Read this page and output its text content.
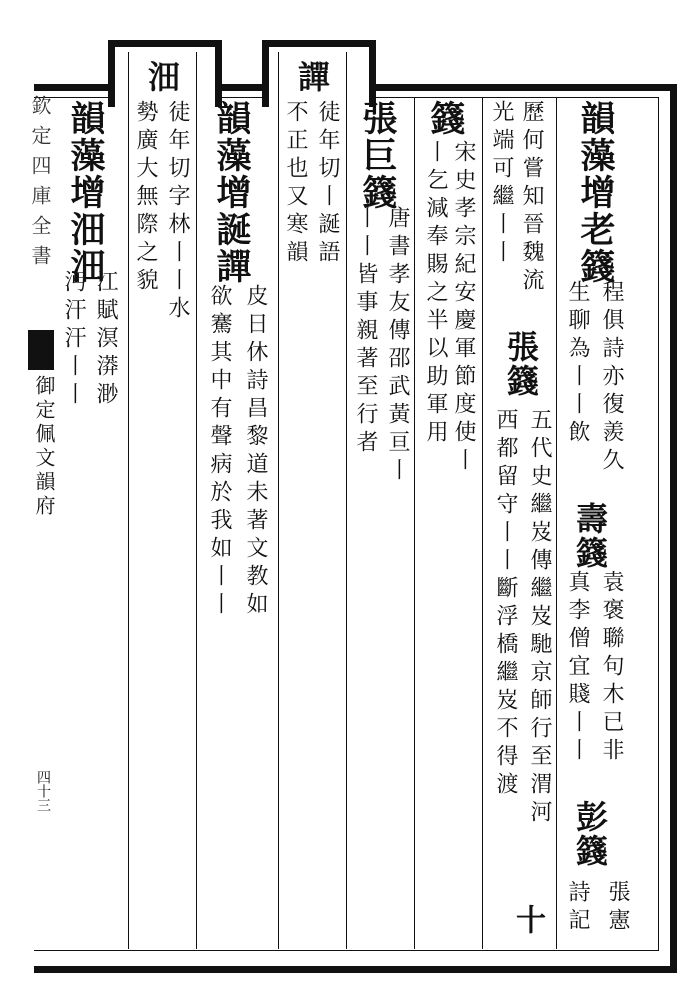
沺	譂
欽定四庫全書
御定佩文韻府
四十三
韻藻增老籛
程俱詩亦復羨久
生聊為丨丨飲
壽籛
袁褒聯句木已非
真李僧宜賤丨丨
彭籛
張憲
詩記
歷何嘗知晉魏流
張籛
五代史繼岌傳繼岌馳京師行至渭河
光端可繼丨丨
西都留守丨丨斷浮橋繼岌不得渡
十
籛
宋史孝宗紀安慶軍節度使丨
丨乞減奉賜之半以助軍用
張巨籛
唐書孝友傳邵武黃亘丨
丨丨皆事親著至行者
徒年切丨誕語
不正也又寒韻
韻藻增誕譂
皮日休詩昌黎道未著文教如
欲騫其中有聲病於我如丨丨
徒年切字林丨丨水
勢廣大無際之貌
韻藻增沺沺
江賦溟漭渺
沔汗汗丨丨
